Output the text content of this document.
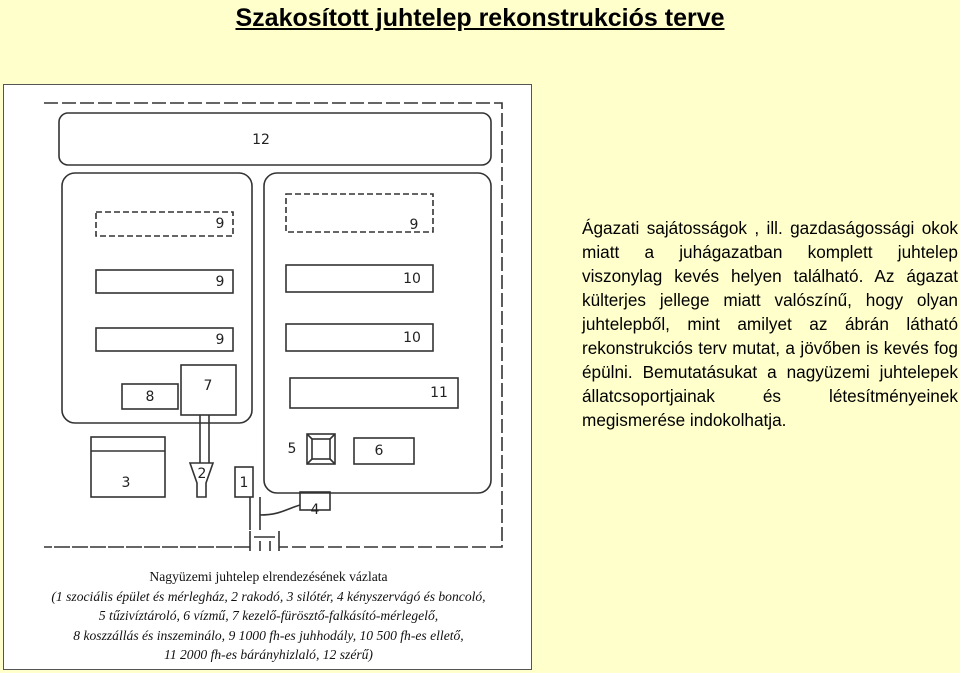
Szakosított juhtelep rekonstrukciós terve
12
9
9
9
9
10
10
11
8
7
5	6
3
2
1
4
Nagyüzemi juhtelep elrendezésének vázlata
(1 szociális épület és mérlegház, 2 rakodó, 3 silótér, 4 kényszervágó és boncoló,
5 tűzivíztároló, 6 vízmű, 7 kezelő-fürösztő-falkásító-mérlegelő,
8 koszzállás és inszeminálo, 9 1000 fh-es juhhodály, 10 500 fh-es ellető,
11 2000 fh-es bárányhizlaló, 12 szérű)

Ágazati sajátosságok , ill. gazdaságossági okok miatt a juhágazatban komplett juhtelep viszonylag kevés helyen található. Az ágazat külterjes jellege miatt valószínű, hogy olyan juhtelepből, mint amilyet az ábrán látható rekonstrukciós terv mutat, a jövőben is kevés fog épülni. Bemutatásukat a nagyüzemi juhtelepek állatcsoportjainak és létesítményeinek megismerése indokolhatja.
